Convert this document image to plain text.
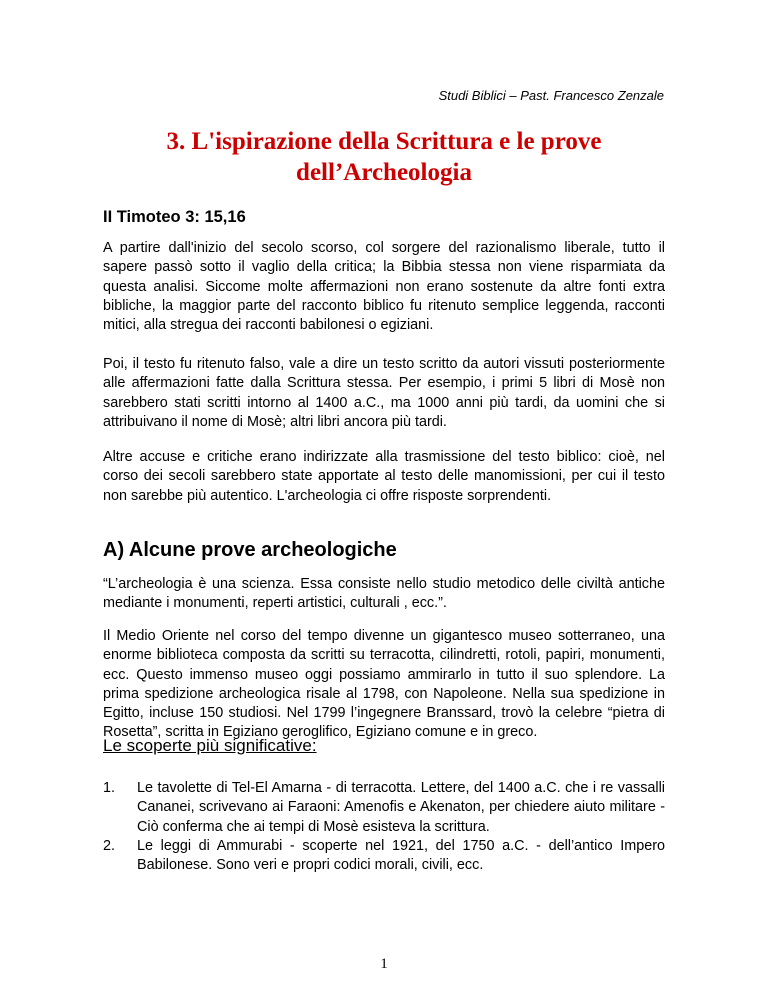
Studi Biblici – Past. Francesco Zenzale
3. L'ispirazione della Scrittura e le prove
dell’Archeologia
II Timoteo 3: 15,16

A partire dall'inizio del secolo scorso, col sorgere del razionalismo liberale, tutto il sapere passò sotto il vaglio della critica; la Bibbia stessa non viene risparmiata da questa analisi. Siccome molte affermazioni non erano sostenute da altre fonti extra bibliche, la maggior parte del racconto biblico fu ritenuto semplice leggenda, racconti mitici, alla stregua dei racconti babilonesi o egiziani.

Poi, il testo fu ritenuto falso, vale a dire un testo scritto da autori vissuti posteriormente alle affermazioni fatte dalla Scrittura stessa. Per esempio, i primi 5 libri di Mosè non sarebbero stati scritti intorno al 1400 a.C., ma 1000 anni più tardi, da uomini che si attribuivano il nome di Mosè; altri libri ancora più tardi.

Altre accuse e critiche erano indirizzate alla trasmissione del testo biblico: cioè, nel corso dei secoli sarebbero state apportate al testo delle manomissioni, per cui il testo non sarebbe più autentico. L'archeologia ci offre risposte sorprendenti.

A) Alcune prove archeologiche

“L’archeologia è una scienza. Essa consiste nello studio metodico delle civiltà antiche mediante i monumenti, reperti artistici, culturali , ecc.”.

Il Medio Oriente nel corso del tempo divenne un gigantesco museo sotterraneo, una enorme biblioteca composta da scritti su terracotta, cilindretti, rotoli, papiri, monumenti, ecc. Questo immenso museo oggi possiamo ammirarlo in tutto il suo splendore. La prima spedizione archeologica risale al 1798, con Napoleone. Nella sua spedizione in Egitto, incluse 150 studiosi. Nel 1799 l’ingegnere Branssard, trovò la celebre “pietra di Rosetta”, scritta in Egiziano geroglifico, Egiziano comune e in greco.

Le scoperte più significative:
1. Le tavolette di Tel-El Amarna - di terracotta. Lettere, del 1400 a.C. che i re vassalli Cananei, scrivevano ai Faraoni: Amenofis e Akenaton, per chiedere aiuto militare - Ciò conferma che ai tempi di Mosè esisteva la scrittura.
2. Le leggi di Ammurabi - scoperte nel 1921, del 1750 a.C. - dell’antico Impero Babilonese. Sono veri e propri codici morali, civili, ecc.
1
